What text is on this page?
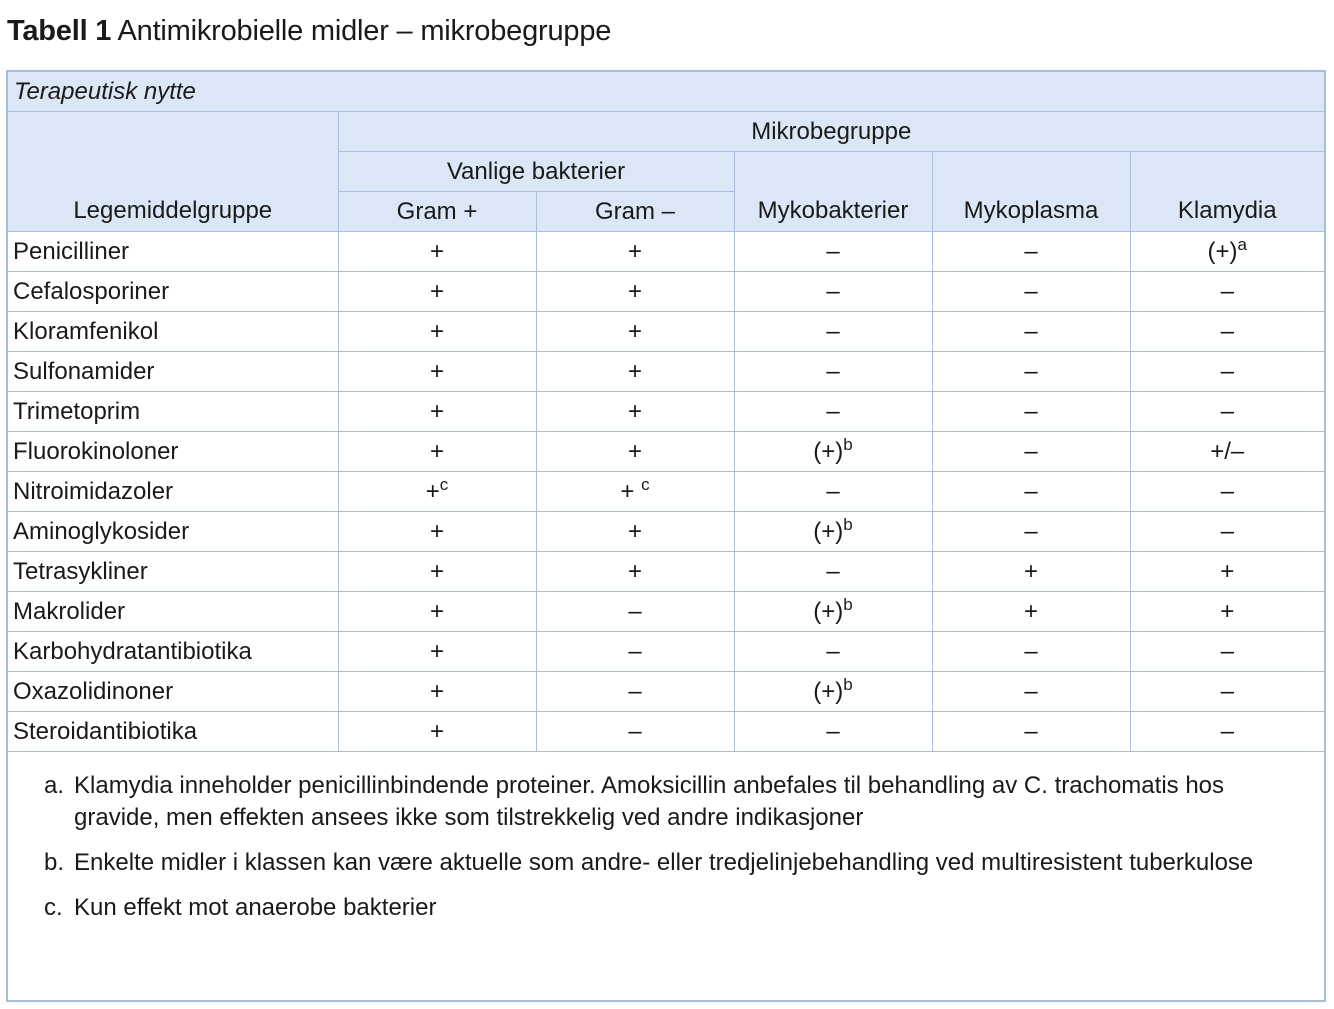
Tabell 1 Antimikrobielle midler – mikrobegruppe
Terapeutisk nytte					
Legemiddelgruppe	Mikrobegruppe				
	Vanlige bakterier		Mykobakterier	Mykoplasma	Klamydia
	Gram +	Gram –			
Penicilliner	+	+	–	–	$(+)^a$
Cefalosporiner	+	+	–	–	–
Kloramfenikol	+	+	–	–	–
Sulfonamider	+	+	–	–	–
Trimetoprim	+	+	–	–	–
Fluorokinoloner	+	+	$(+)^b$	–	+/–
Nitroimidazoler	+$^c$	+ $^c$	–	–	–
Aminoglykosider	+	+	$(+)^b$	–	–
Tetrasykliner	+	+	–	+	+
Makrolider	+	–	$(+)^b$	+	+
Karbohydratantibiotika	+	–	–	–	–
Oxazolidinoner	+	–	$(+)^b$	–	–
Steroidantibiotika	+	–	–	–	–
a. Klamydia inneholder penicillinbindende proteiner. Amoksicillin anbefales til behandling av C. trachomatis hos gravide, men effekten ansees ikke som tilstrekkelig ved andre indikasjoner
b. Enkelte midler i klassen kan være aktuelle som andre- eller tredjelinjebehandling ved multiresistent tuberkulose
c. Kun effekt mot anaerobe bakterier
